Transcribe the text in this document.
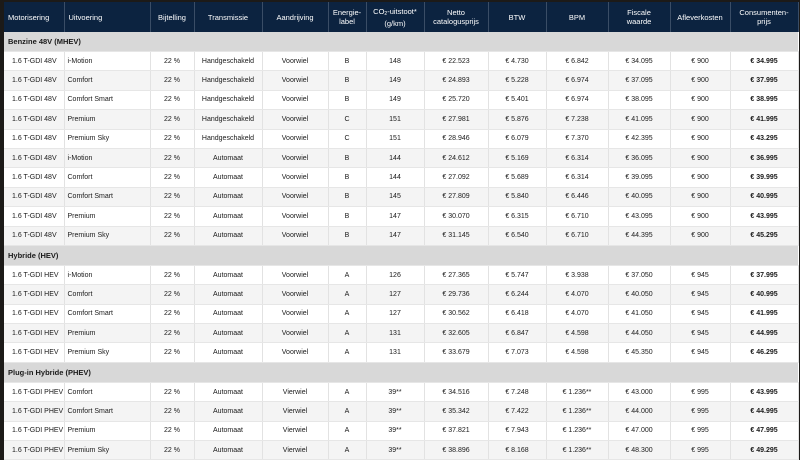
Motorisering	Uitvoering	Bijtelling	Transmissie	Aandrijving	Energie-
label	$CO_2-uitstoot*$
(g/km)	Netto
catalogusprijs	BTW	BPM	Fiscale
waarde	Afleverkosten	Consumenten-
prijs
Benzine 48V (MHEV)												
1.6 T-GDI 48V	i-Motion	22 %	Handgeschakeld	Voorwiel	B	148	€ 22.523	€ 4.730	€ 6.842	€ 34.095	€ 900	€ 34.995
1.6 T-GDI 48V	Comfort	22 %	Handgeschakeld	Voorwiel	B	149	€ 24.893	€ 5.228	€ 6.974	€ 37.095	€ 900	€ 37.995
1.6 T-GDI 48V	Comfort Smart	22 %	Handgeschakeld	Voorwiel	B	149	€ 25.720	€ 5.401	€ 6.974	€ 38.095	€ 900	€ 38.995
1.6 T-GDI 48V	Premium	22 %	Handgeschakeld	Voorwiel	C	151	€ 27.981	€ 5.876	€ 7.238	€ 41.095	€ 900	€ 41.995
1.6 T-GDI 48V	Premium Sky	22 %	Handgeschakeld	Voorwiel	C	151	€ 28.946	€ 6.079	€ 7.370	€ 42.395	€ 900	€ 43.295
1.6 T-GDI 48V	i-Motion	22 %	Automaat	Voorwiel	B	144	€ 24.612	€ 5.169	€ 6.314	€ 36.095	€ 900	€ 36.995
1.6 T-GDI 48V	Comfort	22 %	Automaat	Voorwiel	B	144	€ 27.092	€ 5.689	€ 6.314	€ 39.095	€ 900	€ 39.995
1.6 T-GDI 48V	Comfort Smart	22 %	Automaat	Voorwiel	B	145	€ 27.809	€ 5.840	€ 6.446	€ 40.095	€ 900	€ 40.995
1.6 T-GDI 48V	Premium	22 %	Automaat	Voorwiel	B	147	€ 30.070	€ 6.315	€ 6.710	€ 43.095	€ 900	€ 43.995
1.6 T-GDI 48V	Premium Sky	22 %	Automaat	Voorwiel	B	147	€ 31.145	€ 6.540	€ 6.710	€ 44.395	€ 900	€ 45.295
Hybride (HEV)												
1.6 T-GDI HEV	i-Motion	22 %	Automaat	Voorwiel	A	126	€ 27.365	€ 5.747	€ 3.938	€ 37.050	€ 945	€ 37.995
1.6 T-GDI HEV	Comfort	22 %	Automaat	Voorwiel	A	127	€ 29.736	€ 6.244	€ 4.070	€ 40.050	€ 945	€ 40.995
1.6 T-GDI HEV	Comfort Smart	22 %	Automaat	Voorwiel	A	127	€ 30.562	€ 6.418	€ 4.070	€ 41.050	€ 945	€ 41.995
1.6 T-GDI HEV	Premium	22 %	Automaat	Voorwiel	A	131	€ 32.605	€ 6.847	€ 4.598	€ 44.050	€ 945	€ 44.995
1.6 T-GDI HEV	Premium Sky	22 %	Automaat	Voorwiel	A	131	€ 33.679	€ 7.073	€ 4.598	€ 45.350	€ 945	€ 46.295
Plug-in Hybride (PHEV)												
1.6 T-GDI PHEV	Comfort	22 %	Automaat	Vierwiel	A	39**	€ 34.516	€ 7.248	€ 1.236**	€ 43.000	€ 995	€ 43.995
1.6 T-GDI PHEV	Comfort Smart	22 %	Automaat	Vierwiel	A	39**	€ 35.342	€ 7.422	€ 1.236**	€ 44.000	€ 995	€ 44.995
1.6 T-GDI PHEV	Premium	22 %	Automaat	Vierwiel	A	39**	€ 37.821	€ 7.943	€ 1.236**	€ 47.000	€ 995	€ 47.995
1.6 T-GDI PHEV	Premium Sky	22 %	Automaat	Vierwiel	A	39**	€ 38.896	€ 8.168	€ 1.236**	€ 48.300	€ 995	€ 49.295
